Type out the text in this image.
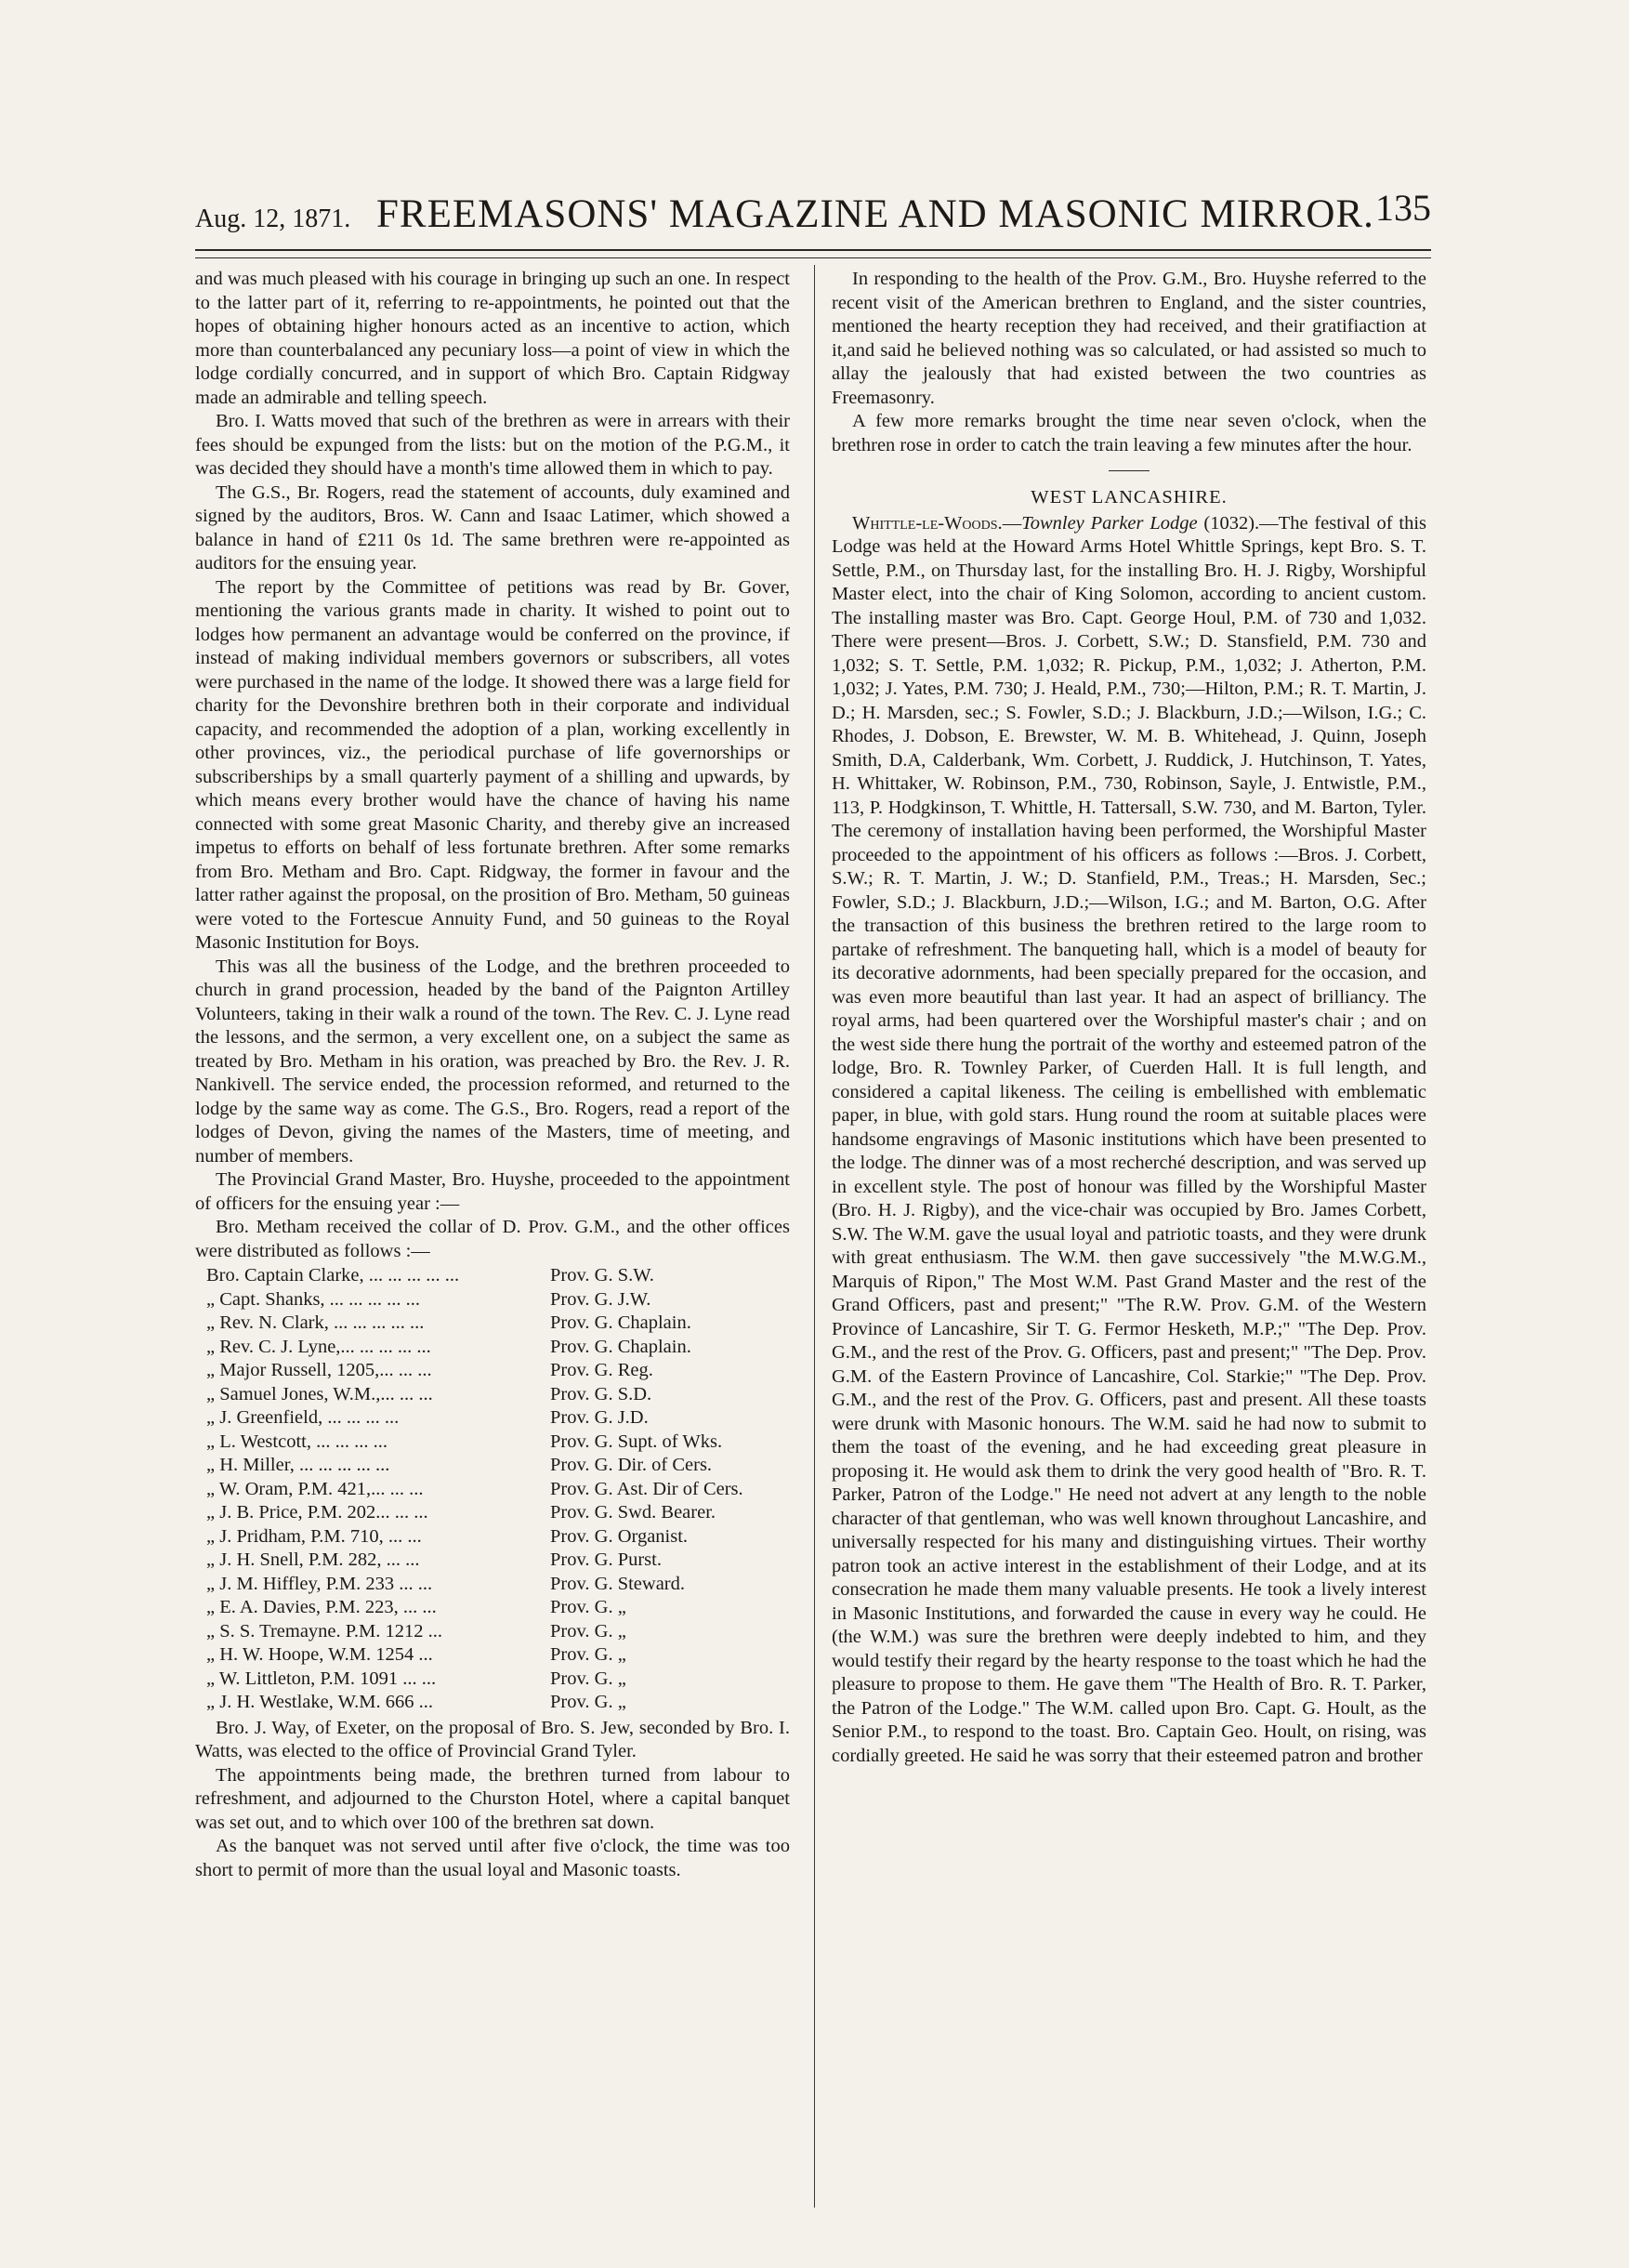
Aug. 12, 1871. FREEMASONS' MAGAZINE AND MASONIC MIRROR. 135

and was much pleased with his courage in bringing up such an one. In respect to the latter part of it, referring to re-appointments, he pointed out that the hopes of obtaining higher honours acted as an incentive to action, which more than counterbalanced any pecuniary loss—a point of view in which the lodge cordially concurred, and in support of which Bro. Captain Ridgway made an admirable and telling speech.

Bro. I. Watts moved that such of the brethren as were in arrears with their fees should be expunged from the lists: but on the motion of the P.G.M., it was decided they should have a month's time allowed them in which to pay.

The G.S., Br. Rogers, read the statement of accounts, duly examined and signed by the auditors, Bros. W. Cann and Isaac Latimer, which showed a balance in hand of £211 0s 1d. The same brethren were re-appointed as auditors for the ensuing year.

The report by the Committee of petitions was read by Br. Gover, mentioning the various grants made in charity. It wished to point out to lodges how permanent an advantage would be conferred on the province, if instead of making individual members governors or subscribers, all votes were purchased in the name of the lodge. It showed there was a large field for charity for the Devonshire brethren both in their corporate and individual capacity, and recommended the adoption of a plan, working excellently in other provinces, viz., the periodical purchase of life governorships or subscriberships by a small quarterly payment of a shilling and upwards, by which means every brother would have the chance of having his name connected with some great Masonic Charity, and thereby give an increased impetus to efforts on behalf of less fortunate brethren. After some remarks from Bro. Metham and Bro. Capt. Ridgway, the former in favour and the latter rather against the proposal, on the prosition of Bro. Metham, 50 guineas were voted to the Fortescue Annuity Fund, and 50 guineas to the Royal Masonic Institution for Boys.

This was all the business of the Lodge, and the brethren proceeded to church in grand procession, headed by the band of the Paignton Artilley Volunteers, taking in their walk a round of the town. The Rev. C. J. Lyne read the lessons, and the sermon, a very excellent one, on a subject the same as treated by Bro. Metham in his oration, was preached by Bro. the Rev. J. R. Nankivell. The service ended, the procession reformed, and returned to the lodge by the same way as come. The G.S., Bro. Rogers, read a report of the lodges of Devon, giving the names of the Masters, time of meeting, and number of members.

The Provincial Grand Master, Bro. Huyshe, proceeded to the appointment of officers for the ensuing year :—

Bro. Metham received the collar of D. Prov. G.M., and the other offices were distributed as follows :—

Bro. Captain Clarke, ... ... ... ... ...	Prov. G. S.W.
„ Capt. Shanks, ... ... ... ... ...	Prov. G. J.W.
„ Rev. N. Clark, ... ... ... ... ...	Prov. G. Chaplain.
„ Rev. C. J. Lyne,... ... ... ... ...	Prov. G. Chaplain.
„ Major Russell, 1205,... ... ...	Prov. G. Reg.
„ Samuel Jones, W.M.,... ... ...	Prov. G. S.D.
„ J. Greenfield, ... ... ... ...	Prov. G. J.D.
„ L. Westcott, ... ... ... ...	Prov. G. Supt. of Wks.
„ H. Miller, ... ... ... ... ...	Prov. G. Dir. of Cers.
„ W. Oram, P.M. 421,... ... ...	Prov. G. Ast. Dir of Cers.
„ J. B. Price, P.M. 202... ... ...	Prov. G. Swd. Bearer.
„ J. Pridham, P.M. 710, ... ...	Prov. G. Organist.
„ J. H. Snell, P.M. 282, ... ...	Prov. G. Purst.
„ J. M. Hiffley, P.M. 233 ... ...	Prov. G. Steward.
„ E. A. Davies, P.M. 223, ... ...	Prov. G. „
„ S. S. Tremayne. P.M. 1212 ...	Prov. G. „
„ H. W. Hoope, W.M. 1254 ...	Prov. G. „
„ W. Littleton, P.M. 1091 ... ...	Prov. G. „
„ J. H. Westlake, W.M. 666 ...	Prov. G. „

Bro. J. Way, of Exeter, on the proposal of Bro. S. Jew, seconded by Bro. I. Watts, was elected to the office of Provincial Grand Tyler.

The appointments being made, the brethren turned from labour to refreshment, and adjourned to the Churston Hotel, where a capital banquet was set out, and to which over 100 of the brethren sat down.

As the banquet was not served until after five o'clock, the time was too short to permit of more than the usual loyal and Masonic toasts.

In responding to the health of the Prov. G.M., Bro. Huyshe referred to the recent visit of the American brethren to England, and the sister countries, mentioned the hearty reception they had received, and their gratifiaction at it,and said he believed nothing was so calculated, or had assisted so much to allay the jealously that had existed between the two countries as Freemasonry.

A few more remarks brought the time near seven o'clock, when the brethren rose in order to catch the train leaving a few minutes after the hour.

WEST LANCASHIRE.

Whittle-le-Woods.—Townley Parker Lodge (1032).—The festival of this Lodge was held at the Howard Arms Hotel Whittle Springs, kept Bro. S. T. Settle, P.M., on Thursday last, for the installing Bro. H. J. Rigby, Worshipful Master elect, into the chair of King Solomon, according to ancient custom. The installing master was Bro. Capt. George Houl, P.M. of 730 and 1,032. There were present—Bros. J. Corbett, S.W.; D. Stansfield, P.M. 730 and 1,032; S. T. Settle, P.M. 1,032; R. Pickup, P.M., 1,032; J. Atherton, P.M. 1,032; J. Yates, P.M. 730; J. Heald, P.M., 730;—Hilton, P.M.; R. T. Martin, J. D.; H. Marsden, sec.; S. Fowler, S.D.; J. Blackburn, J.D.;—Wilson, I.G.; C. Rhodes, J. Dobson, E. Brewster, W. M. B. Whitehead, J. Quinn, Joseph Smith, D.A, Calderbank, Wm. Corbett, J. Ruddick, J. Hutchinson, T. Yates, H. Whittaker, W. Robinson, P.M., 730, Robinson, Sayle, J. Entwistle, P.M., 113, P. Hodgkinson, T. Whittle, H. Tattersall, S.W. 730, and M. Barton, Tyler. The ceremony of installation having been performed, the Worshipful Master proceeded to the appointment of his officers as follows :—Bros. J. Corbett, S.W.; R. T. Martin, J. W.; D. Stanfield, P.M., Treas.; H. Marsden, Sec.; Fowler, S.D.; J. Blackburn, J.D.;—Wilson, I.G.; and M. Barton, O.G. After the transaction of this business the brethren retired to the large room to partake of refreshment. The banqueting hall, which is a model of beauty for its decorative adornments, had been specially prepared for the occasion, and was even more beautiful than last year. It had an aspect of brilliancy. The royal arms, had been quartered over the Worshipful master's chair ; and on the west side there hung the portrait of the worthy and esteemed patron of the lodge, Bro. R. Townley Parker, of Cuerden Hall. It is full length, and considered a capital likeness. The ceiling is embellished with emblematic paper, in blue, with gold stars. Hung round the room at suitable places were handsome engravings of Masonic institutions which have been presented to the lodge. The dinner was of a most recherché description, and was served up in excellent style. The post of honour was filled by the Worshipful Master (Bro. H. J. Rigby), and the vice-chair was occupied by Bro. James Corbett, S.W. The W.M. gave the usual loyal and patriotic toasts, and they were drunk with great enthusiasm. The W.M. then gave successively "the M.W.G.M., Marquis of Ripon," The Most W.M. Past Grand Master and the rest of the Grand Officers, past and present;" "The R.W. Prov. G.M. of the Western Province of Lancashire, Sir T. G. Fermor Hesketh, M.P.;" "The Dep. Prov. G.M., and the rest of the Prov. G. Officers, past and present;" "The Dep. Prov. G.M. of the Eastern Province of Lancashire, Col. Starkie;" "The Dep. Prov. G.M., and the rest of the Prov. G. Officers, past and present. All these toasts were drunk with Masonic honours. The W.M. said he had now to submit to them the toast of the evening, and he had exceeding great pleasure in proposing it. He would ask them to drink the very good health of "Bro. R. T. Parker, Patron of the Lodge." He need not advert at any length to the noble character of that gentleman, who was well known throughout Lancashire, and universally respected for his many and distinguishing virtues. Their worthy patron took an active interest in the establishment of their Lodge, and at its consecration he made them many valuable presents. He took a lively interest in Masonic Institutions, and forwarded the cause in every way he could. He (the W.M.) was sure the brethren were deeply indebted to him, and they would testify their regard by the hearty response to the toast which he had the pleasure to propose to them. He gave them "The Health of Bro. R. T. Parker, the Patron of the Lodge." The W.M. called upon Bro. Capt. G. Hoult, as the Senior P.M., to respond to the toast. Bro. Captain Geo. Hoult, on rising, was cordially greeted. He said he was sorry that their esteemed patron and brother
